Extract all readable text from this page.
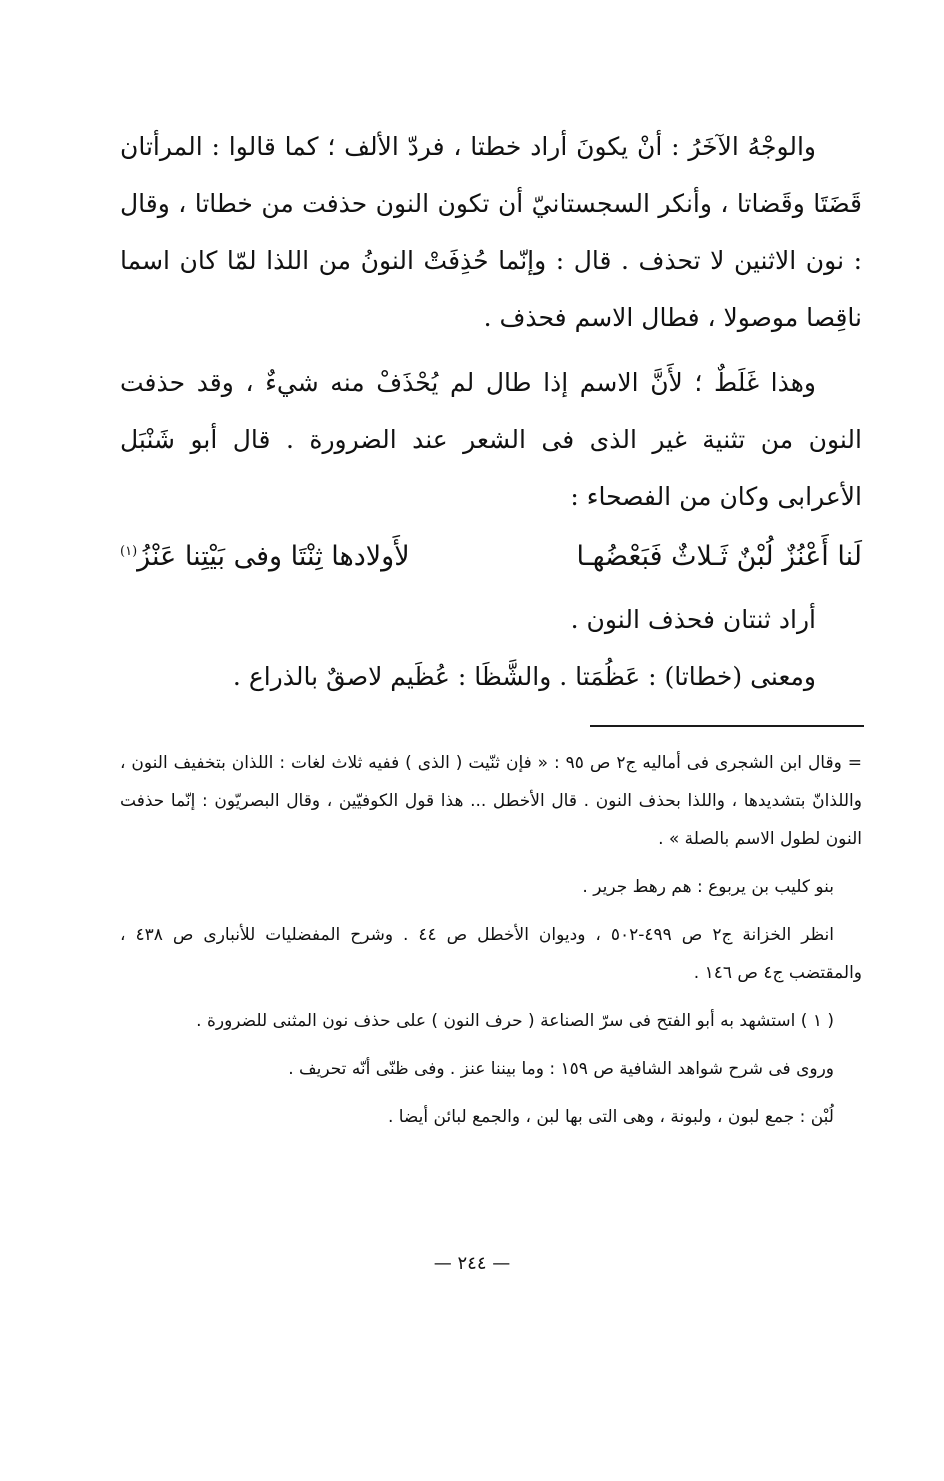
والوجْهُ الآخَرُ : أنْ يكونَ أراد خطتا ، فردّ الألف ؛ كما قالوا : المرأتان قَضَتَا وقَضاتا ، وأنكر السجستانيّ أن تكون النون حذفت من خطاتا ، وقال : نون الاثنين لا تحذف . قال : وإنّما حُذِفَتْ النونُ من اللذا لمّا كان اسما ناقِصا موصولا ، فطال الاسم فحذف .

وهذا غَلَطٌ ؛ لأَنَّ الاسم إذا طال لم يُحْذَفْ منه شيءٌ ، وقد حذفت النون من تثنية غير الذى فى الشعر عند الضرورة . قال أبو شَنْبَل الأعرابى وكان من الفصحاء :

لَنا أَعْنُزٌ لُبْنٌ ثَـلاثٌ فَبَعْضُهـا
لأَولادها ثِنْتَا وفى بَيْتِنا عَنْزُ$^{(١)}$

أراد ثنتان فحذف النون .

ومعنى (خطاتا) : عَظُمَتا . والشَّظَا : عُظَيم لاصقٌ بالذراع .

= وقال ابن الشجرى فى أماليه ج٢ ص ٩٥ : « فإن ثنّيت ( الذى ) ففيه ثلاث لغات : اللذان بتخفيف النون ، واللذانّ بتشديدها ، واللذا بحذف النون . قال الأخطل ... هذا قول الكوفيّين ، وقال البصريّون : إنّما حذفت النون لطول الاسم بالصلة » .

بنو كليب بن يربوع : هم رهط جرير .

انظر الخزانة ج٢ ص ٤٩٩-٥٠٢ ، وديوان الأخطل ص ٤٤ . وشرح المفضليات للأنبارى ص ٤٣٨ ، والمقتضب ج٤ ص ١٤٦ .

( ١ ) استشهد به أبو الفتح فى سرّ الصناعة ( حرف النون ) على حذف نون المثنى للضرورة .

وروى فى شرح شواهد الشافية ص ١٥٩ : وما بيننا عنز . وفى ظنّى أنّه تحريف .

لُبْن : جمع لبون ، ولبونة ، وهى التى بها لبن ، والجمع لبائن أيضا .

— ٢٤٤ —
